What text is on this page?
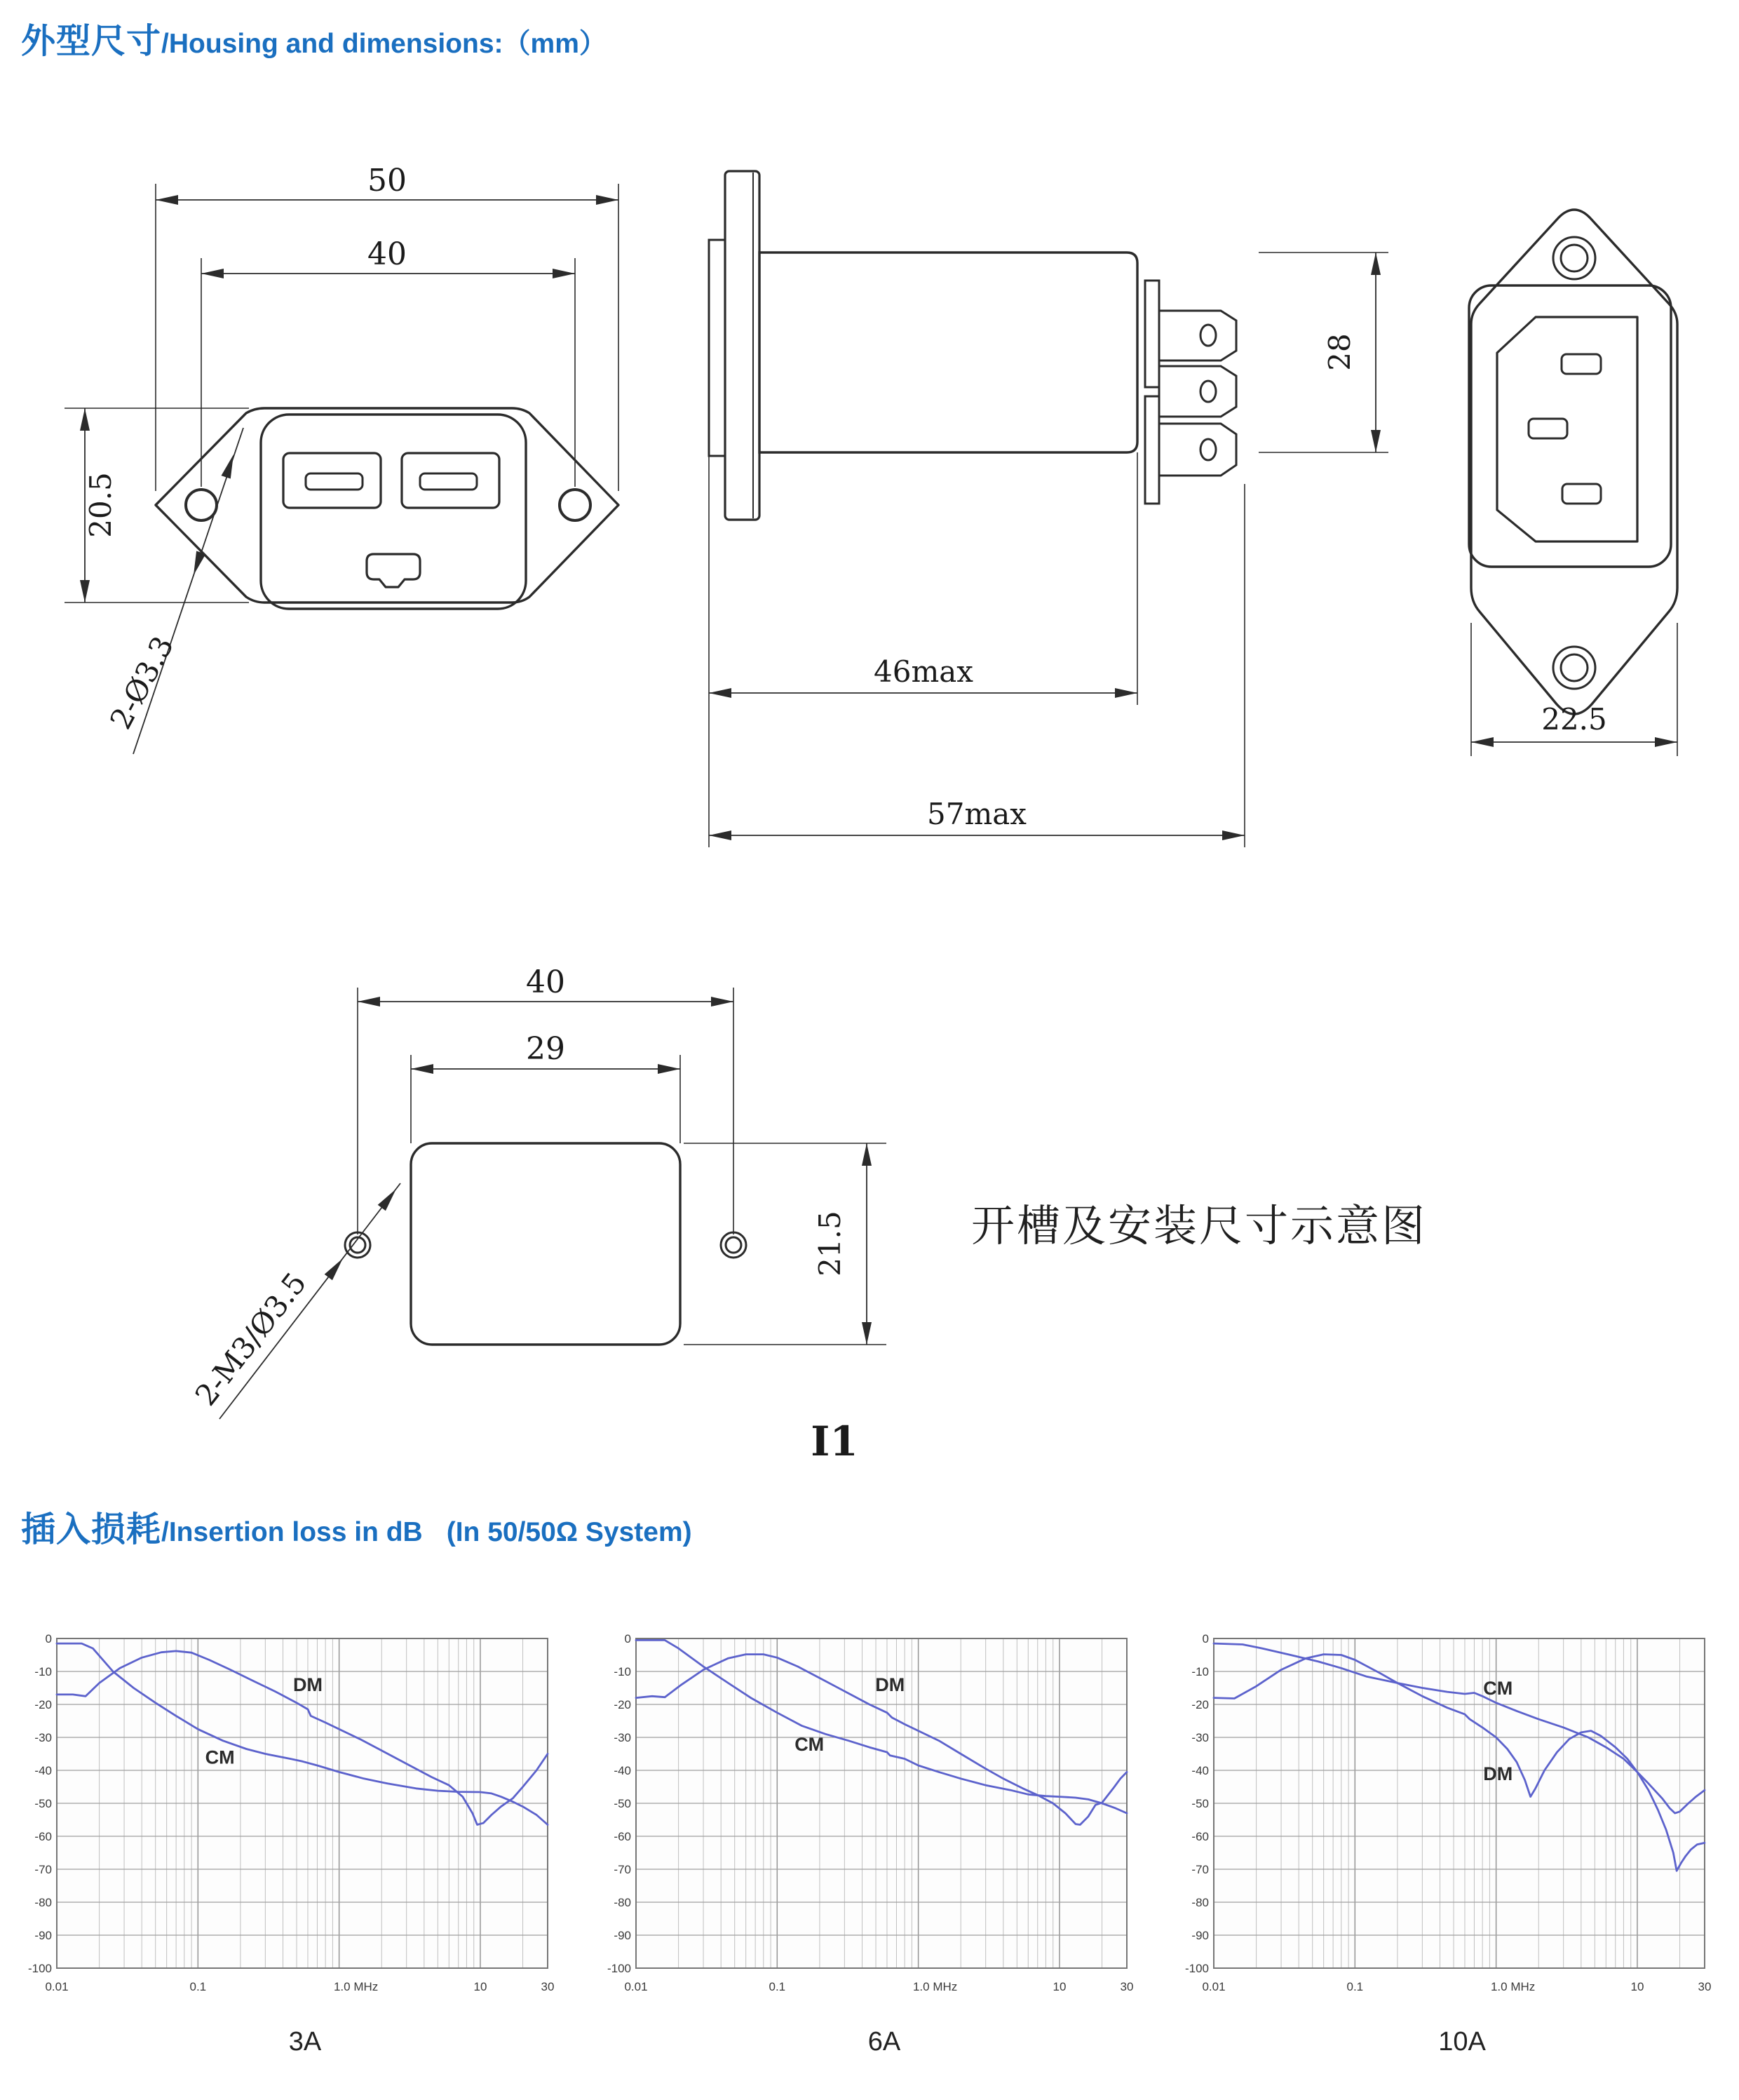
外型尺寸/Housing and dimensions:（mm）
50
40
20.5
2-Ø3.3	46max
57max
28
22.5
40
29
21.5
2-M3/Ø3.5
I1
开槽及安装尺寸示意图
插入损耗/Insertion loss in dB (In 50/50Ω System)
0
-10
-20
-30
-40
-50
-60
-70
-80
-90
-100
0.01	0.1	1.0 MHz	10	30
DM
CM
0
-10
-20
-30
-40
-50
-60
-70
-80
-90
-100
0.01	0.1	1.0 MHz	10	30
DM
CM
0
-10
-20
-30
-40
-50
-60
-70
-80
-90
-100
0.01	0.1	1.0 MHz	10	30
CM
DM
3A	6A	10A
